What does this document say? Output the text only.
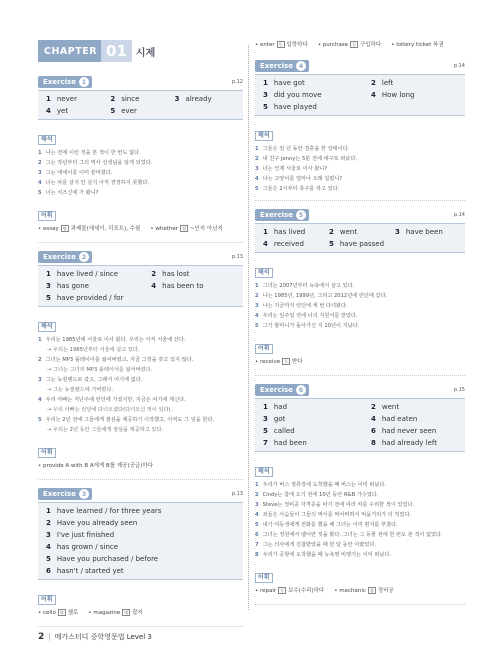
CHAPTER 01 시제
Exercise 1	p.12
1 never	2 since	3 already
4 yet	5 ever
해석
1 나는 전에 이런 것을 본 적이 한 번도 없다.
2 그는 작년부터 그의 역사 선생님을 알게 되었다.
3 그는 에세이를 이미 끝마쳤다.
4 너는 차를 살지 안 살지 아직 결정하지 못했다.
5 너는 치즈신에 가 봤니?
어휘
• essay 명 과제물(에세이, 리포트), 수필 • whether 접 ~인지 아닌지
Exercise 2	p.13
1 have lived / since	2 has lost
3 has gone	4 has been to
5 have provided / for
해석
1 우리는 1985년에 서울로 이사 왔다. 우리는 아직 서울에 산다.
→ 우리는 1985년부터 서울에 살고 있다.
2 그녀는 MP3 플레이어를 잃어버렸고, 지금 그것을 갖고 있지 않다.
→ 그녀는 그녀의 MP3 플레이어를 잃어버렸다.
3 그는 뉴질랜드로 갔고, 그래서 여기에 없다.
→ 그는 뉴질랜드에 가버렸다.
4 우리 아빠는 지난주에 런던에 가셨지만, 지금은 여기에 계신다.
→ 우리 아빠는 런던에 다녀오셨다(다녀오신 적이 있다).
5 우리는 2년 전에 그들에게 점심을 제공하기 시작했고, 아직도 그 일을 한다.
→ 우리는 2년 동안 그들에게 점심을 제공하고 있다.
어휘
• provide A with B A에게 B를 제공(공급)하다
Exercise 3	p.13
1 have learned / for three years
2 Have you already seen
3 I've just finished
4 has grown / since
5 Have you purchased / before
6 hasn't / started yet
어휘
• cello 명 첼로 • magazine 명 잡지
• enter 동 입학하다 • purchase 동 구입하다 • lottery ticket 복권
Exercise 4	p.14
1 have got	2 left
3 did you move	4 How long
5 have played
해석
1 그들은 일 년 동안 결혼을 한 상태이다.
2 내 친구 Jenny는 5분 전에 대구로 떠났다.
3 너는 언제 서울로 이사 왔니?
4 너는 고양이를 얼마나 오래 길렀니?
5 그들은 2시부터 축구를 하고 있다.
Exercise 5	p.14
1 has lived	2 went	3 have been
4 received	5 have passed
해석
1 그녀는 2007년부터 뉴욕에서 살고 있다.
2 나는 1985년, 1999년, 그리고 2012년에 런던에 갔다.
3 나는 지금까지 런던에 세 번 다녀왔다.
4 우리는 일주일 전에 너의 지원서를 받았다.
5 그가 할머니가 돌아가신 지 10년이 지났다.
어휘
• receive 동 받다
Exercise 6	p.15
1 had	2 went
3 got	4 had eaten
5 called	6 had never seen
7 had been	8 had already left
해석
1 우리가 버스 정류장에 도착했을 때 버스는 이미 떠났다.
2 Cindy는 참에 오기 전에 10년 동안 R&B 가수였다.
3 Steve는 정비공 자격증을 따기 전에 여러 차를 수리한 적이 있었다.
4 죄들은 사슴들이 그들의 먹이를 먹어버려서 먹을거리가 더 적었다.
5 내가 여동생에게 전화를 했을 때 그녀는 이미 편지를 부쳤다.
6 그녀는 정원에서 뱀이란 것을 봤다. 그녀는 그 동물 전에 한 번도 본 적이 없었다.
7 그는 의사에게 진찰받았을 때 한 달 동안 아팠었다.
8 우리가 공항에 도착했을 때 뉴욕행 비행기는 이미 떠났다.
어휘
• repair 동 보수(수리)하다 • mechanic 명 정비공
2 | 메가스터디 중학영문법 Level 3
